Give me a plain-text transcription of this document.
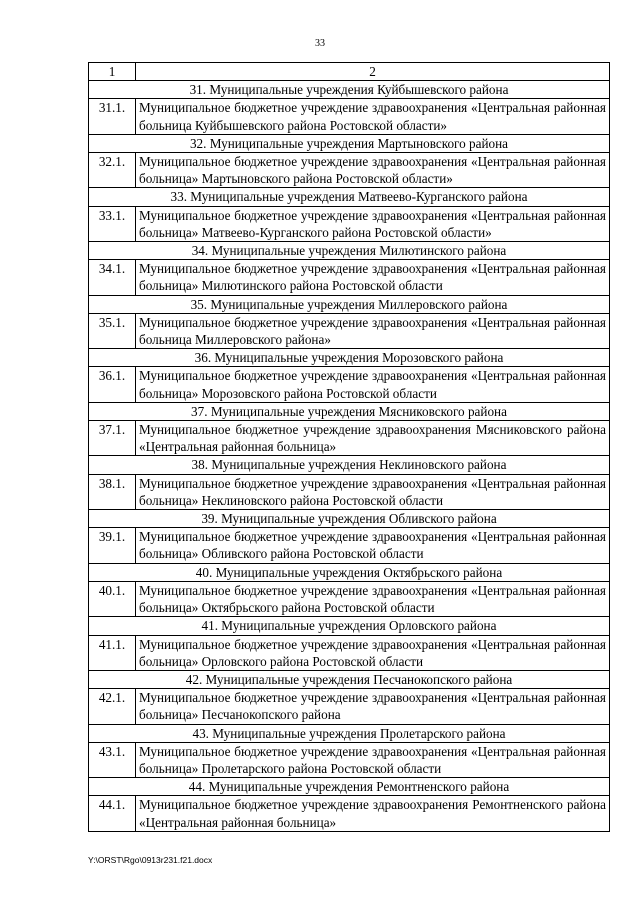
33
1	2
31. Муниципальные учреждения Куйбышевского района	
31.1.	Муниципальное бюджетное учреждение здравоохранения «Центральная районная больница Куйбышевского района Ростовской области»
32. Муниципальные учреждения Мартыновского района	
32.1.	Муниципальное бюджетное учреждение здравоохранения «Центральная районная больница» Мартыновского района Ростовской области»
33. Муниципальные учреждения Матвеево-Курганского района	
33.1.	Муниципальное бюджетное учреждение здравоохранения «Центральная районная больница» Матвеево-Курганского района Ростовской области»
34. Муниципальные учреждения Милютинского района	
34.1.	Муниципальное бюджетное учреждение здравоохранения «Центральная районная больница» Милютинского района Ростовской области
35. Муниципальные учреждения Миллеровского района	
35.1.	Муниципальное бюджетное учреждение здравоохранения «Центральная районная больница Миллеровского района»
36. Муниципальные учреждения Морозовского района	
36.1.	Муниципальное бюджетное учреждение здравоохранения «Центральная районная больница» Морозовского района Ростовской области
37. Муниципальные учреждения Мясниковского района	
37.1.	Муниципальное бюджетное учреждение здравоохранения Мясниковского района «Центральная районная больница»
38. Муниципальные учреждения Неклиновского района	
38.1.	Муниципальное бюджетное учреждение здравоохранения «Центральная районная больница» Неклиновского района Ростовской области
39. Муниципальные учреждения Обливского района	
39.1.	Муниципальное бюджетное учреждение здравоохранения «Центральная районная больница» Обливского района Ростовской области
40. Муниципальные учреждения Октябрьского района	
40.1.	Муниципальное бюджетное учреждение здравоохранения «Центральная районная больница» Октябрьского района Ростовской области
41. Муниципальные учреждения Орловского района	
41.1.	Муниципальное бюджетное учреждение здравоохранения «Центральная районная больница» Орловского района Ростовской области
42. Муниципальные учреждения Песчанокопского района	
42.1.	Муниципальное бюджетное учреждение здравоохранения «Центральная районная больница» Песчанокопского района
43. Муниципальные учреждения Пролетарского района	
43.1.	Муниципальное бюджетное учреждение здравоохранения «Центральная районная больница» Пролетарского района Ростовской области
44. Муниципальные учреждения Ремонтненского района	
44.1.	Муниципальное бюджетное учреждение здравоохранения Ремонтненского района «Центральная районная больница»
Y:\ORST\Rgo\0913r231.f21.docx
